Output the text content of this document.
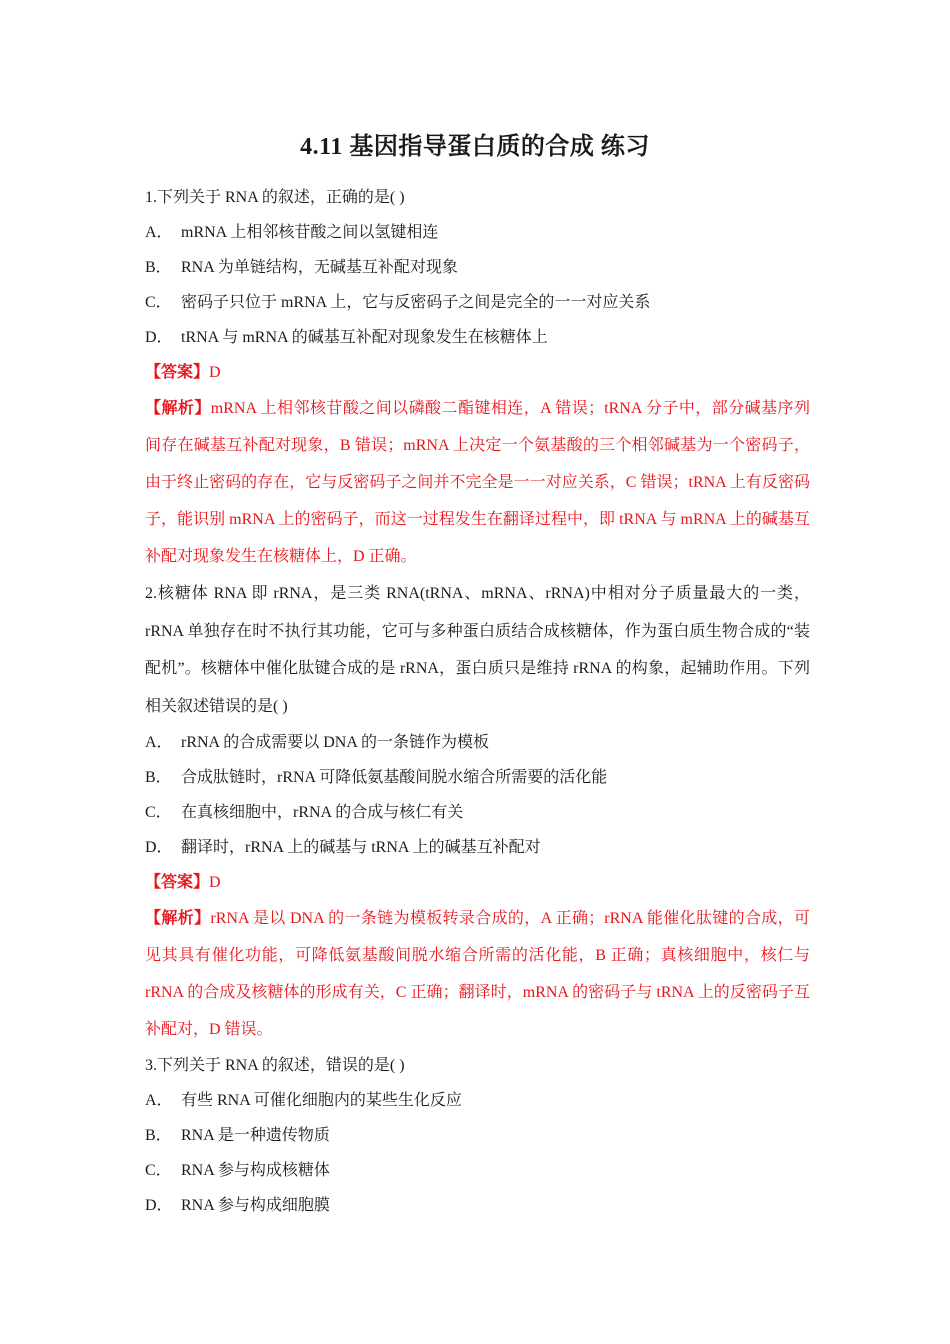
4.11 基因指导蛋白质的合成 练习
1.下列关于 RNA 的叙述，正确的是( )
A． mRNA 上相邻核苷酸之间以氢键相连
B． RNA 为单链结构，无碱基互补配对现象
C． 密码子只位于 mRNA 上，它与反密码子之间是完全的一一对应关系
D． tRNA 与 mRNA 的碱基互补配对现象发生在核糖体上
【答案】D
【解析】mRNA 上相邻核苷酸之间以磷酸二酯键相连，A 错误；tRNA 分子中，部分碱基序列间存在碱基互补配对现象，B 错误；mRNA 上决定一个氨基酸的三个相邻碱基为一个密码子，由于终止密码的存在，它与反密码子之间并不完全是一一对应关系，C 错误；tRNA 上有反密码子，能识别 mRNA 上的密码子，而这一过程发生在翻译过程中，即 tRNA 与 mRNA 上的碱基互补配对现象发生在核糖体上，D 正确。
2.核糖体 RNA 即 rRNA，是三类 RNA(tRNA、mRNA、rRNA)中相对分子质量最大的一类，rRNA 单独存在时不执行其功能，它可与多种蛋白质结合成核糖体，作为蛋白质生物合成的“装配机”。核糖体中催化肽键合成的是 rRNA，蛋白质只是维持 rRNA 的构象，起辅助作用。下列相关叙述错误的是( )
A． rRNA 的合成需要以 DNA 的一条链作为模板
B． 合成肽链时，rRNA 可降低氨基酸间脱水缩合所需要的活化能
C． 在真核细胞中，rRNA 的合成与核仁有关
D． 翻译时，rRNA 上的碱基与 tRNA 上的碱基互补配对
【答案】D
【解析】rRNA 是以 DNA 的一条链为模板转录合成的，A 正确；rRNA 能催化肽键的合成，可见其具有催化功能，可降低氨基酸间脱水缩合所需的活化能，B 正确；真核细胞中，核仁与 rRNA 的合成及核糖体的形成有关，C 正确；翻译时，mRNA 的密码子与 tRNA 上的反密码子互补配对，D 错误。
3.下列关于 RNA 的叙述，错误的是( )
A． 有些 RNA 可催化细胞内的某些生化反应
B． RNA 是一种遗传物质
C． RNA 参与构成核糖体
D． RNA 参与构成细胞膜
